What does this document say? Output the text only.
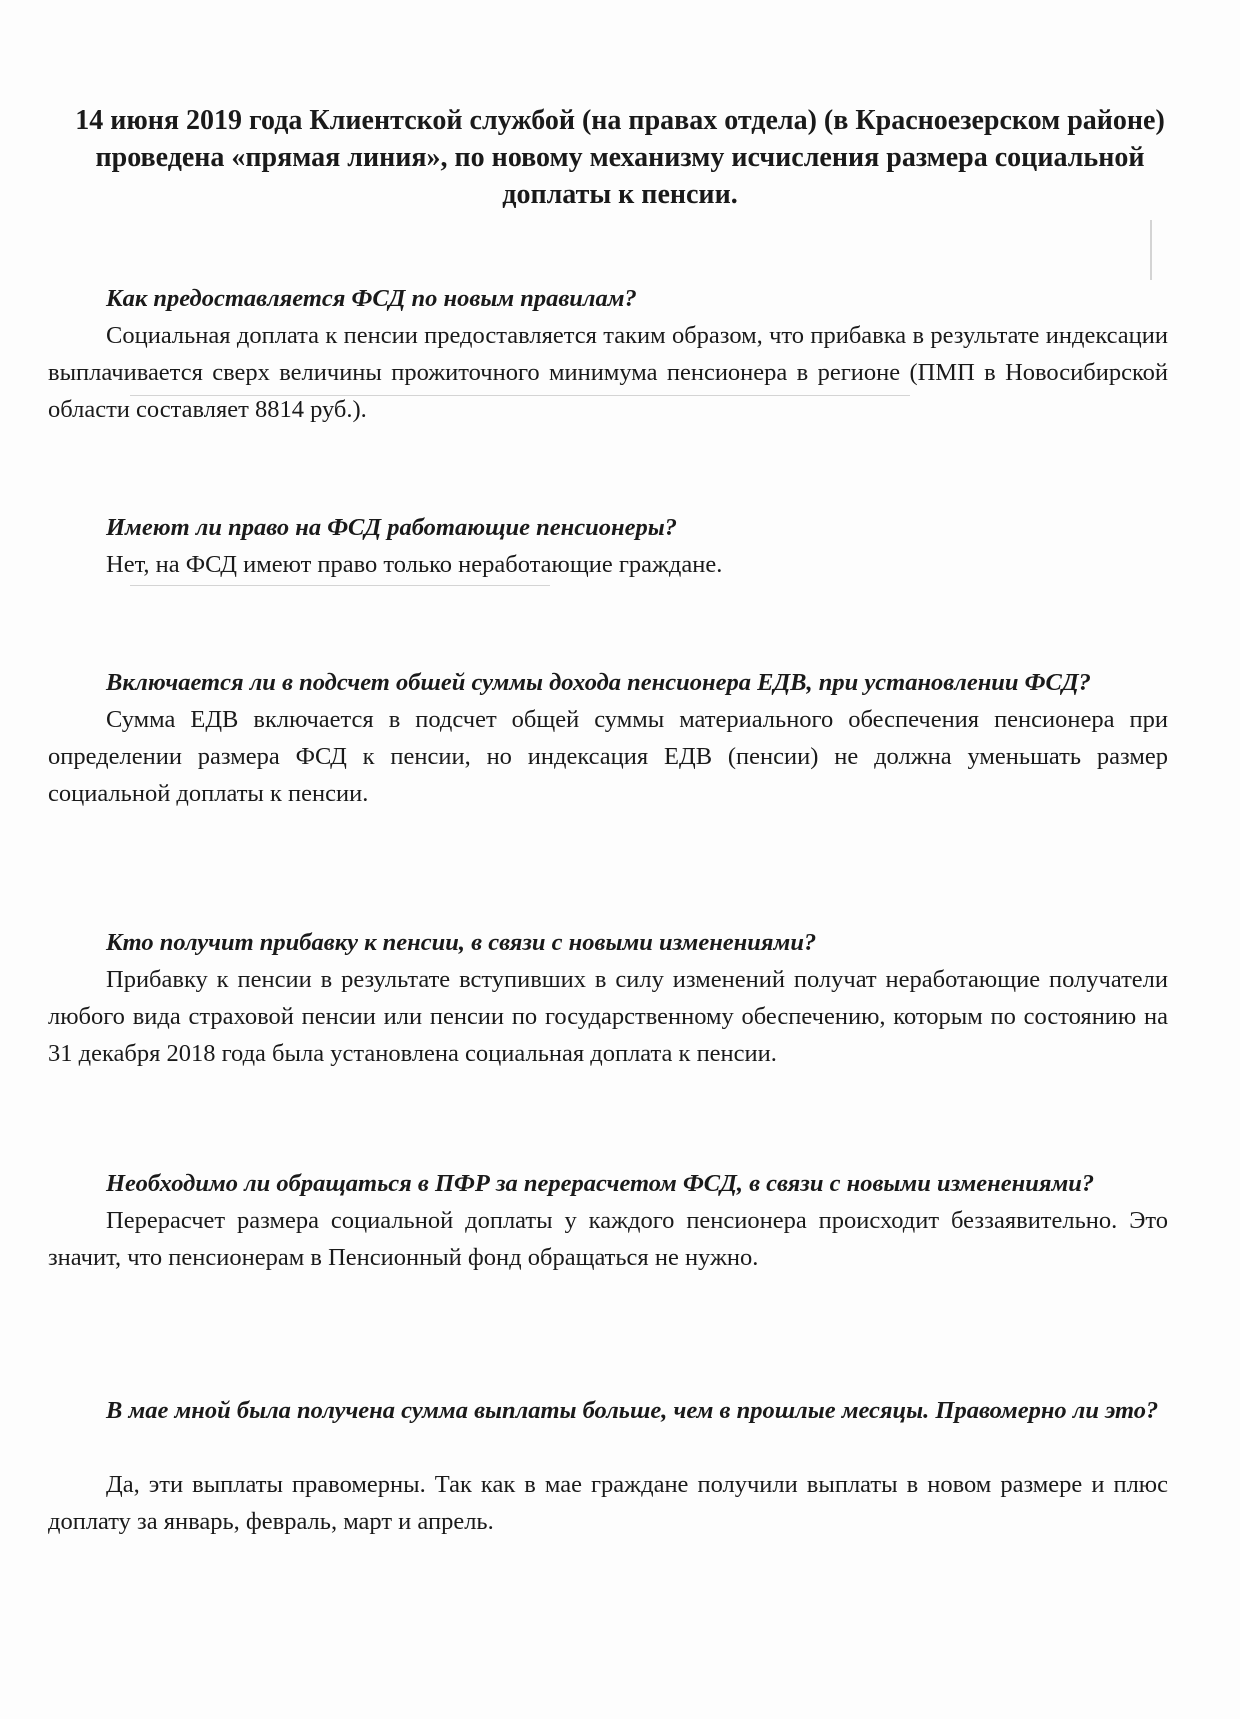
14 июня 2019 года Клиентской службой (на правах отдела) (в Красноезерском районе) проведена «прямая линия», по новому механизму исчисления размера социальной доплаты к пенсии.

Как предоставляется ФСД по новым правилам?

Социальная доплата к пенсии предоставляется таким образом, что прибавка в результате индексации выплачивается сверх величины прожиточного минимума пенсионера в регионе (ПМП в Новосибирской области составляет 8814 руб.).

Имеют ли право на ФСД работающие пенсионеры?

Нет, на ФСД имеют право только неработающие граждане.

Включается ли в подсчет обшей суммы дохода пенсионера ЕДВ, при установлении ФСД?

Сумма ЕДВ включается в подсчет общей суммы материального обеспечения пенсионера при определении размера ФСД к пенсии, но индексация ЕДВ (пенсии) не должна уменьшать размер социальной доплаты к пенсии.

Кто получит прибавку к пенсии, в связи с новыми изменениями?

Прибавку к пенсии в результате вступивших в силу изменений получат неработающие получатели любого вида страховой пенсии или пенсии по государственному обеспечению, которым по состоянию на 31 декабря 2018 года была установлена социальная доплата к пенсии.

Необходимо ли обращаться в ПФР за перерасчетом ФСД, в связи с новыми изменениями?

Перерасчет размера социальной доплаты у каждого пенсионера происходит беззаявительно. Это значит, что пенсионерам в Пенсионный фонд обращаться не нужно.

В мае мной была получена сумма выплаты больше, чем в прошлые месяцы. Правомерно ли это?

Да, эти выплаты правомерны. Так как в мае граждане получили выплаты в новом размере и плюс доплату за январь, февраль, март и апрель.
